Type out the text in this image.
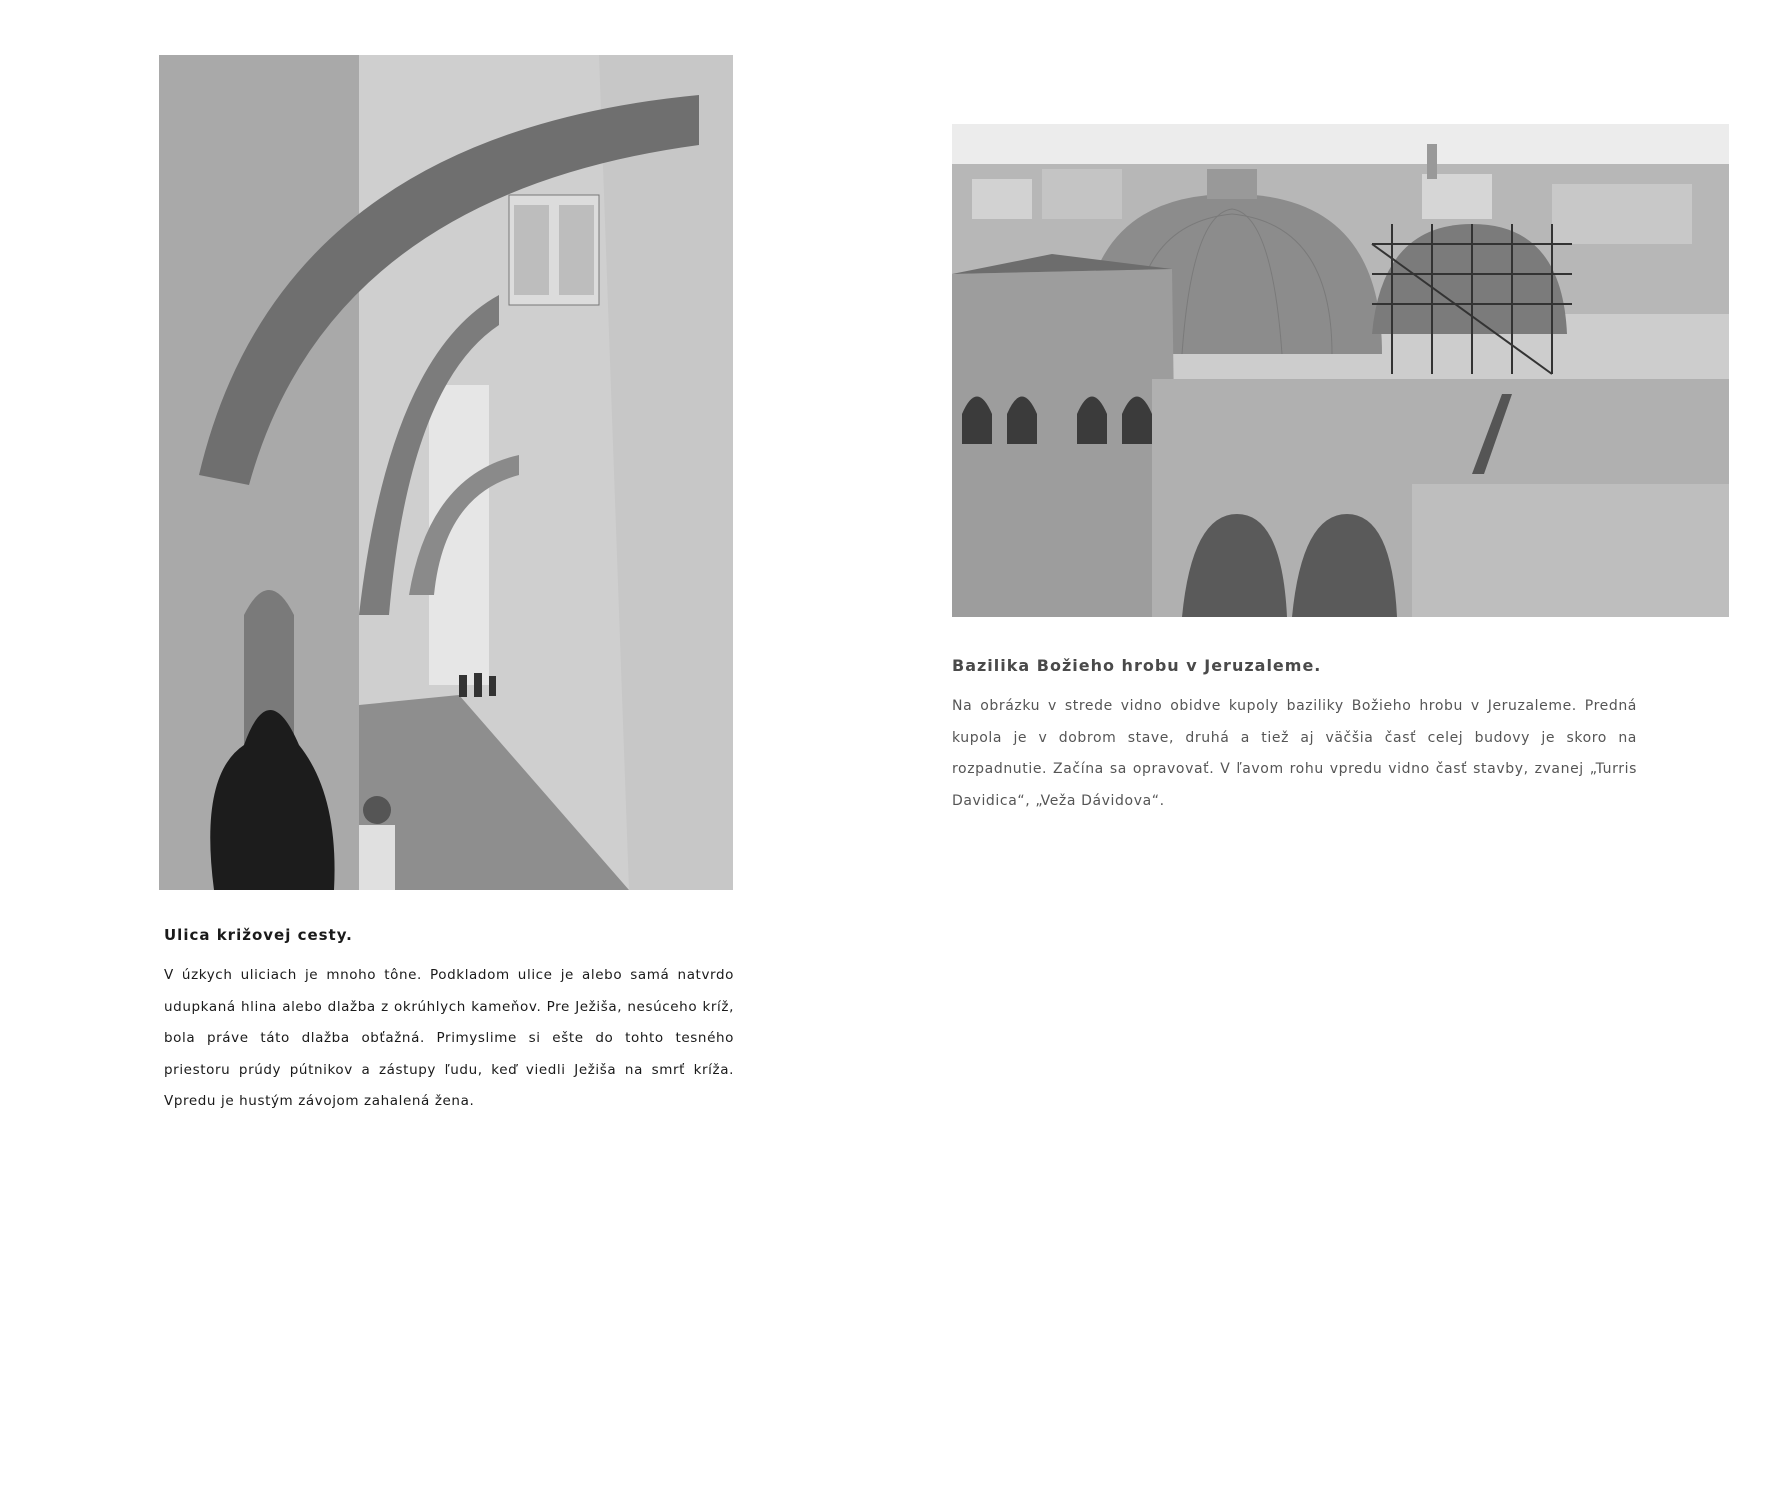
Ulica križovej cesty.

V úzkych uliciach je mnoho tône. Podkladom ulice je alebo samá natvrdo udupkaná hlina alebo dlažba z okrúhlych kameňov. Pre Ježiša, nesúceho kríž, bola práve táto dlažba obťažná. Primyslime si ešte do tohto tesného priestoru prúdy pútnikov a zástupy ľudu, keď viedli Ježiša na smrť kríža. Vpredu je hustým závojom zahalená žena.

Bazilika Božieho hrobu v Jeruzaleme.

Na obrázku v strede vidno obidve kupoly baziliky Božieho hrobu v Jeruzaleme. Predná kupola je v dobrom stave, druhá a tiež aj väčšia časť celej budovy je skoro na rozpadnutie. Začína sa opravovať. V ľavom rohu vpredu vidno časť stavby, zvanej „Turris Davidica“, „Veža Dávidova“.
